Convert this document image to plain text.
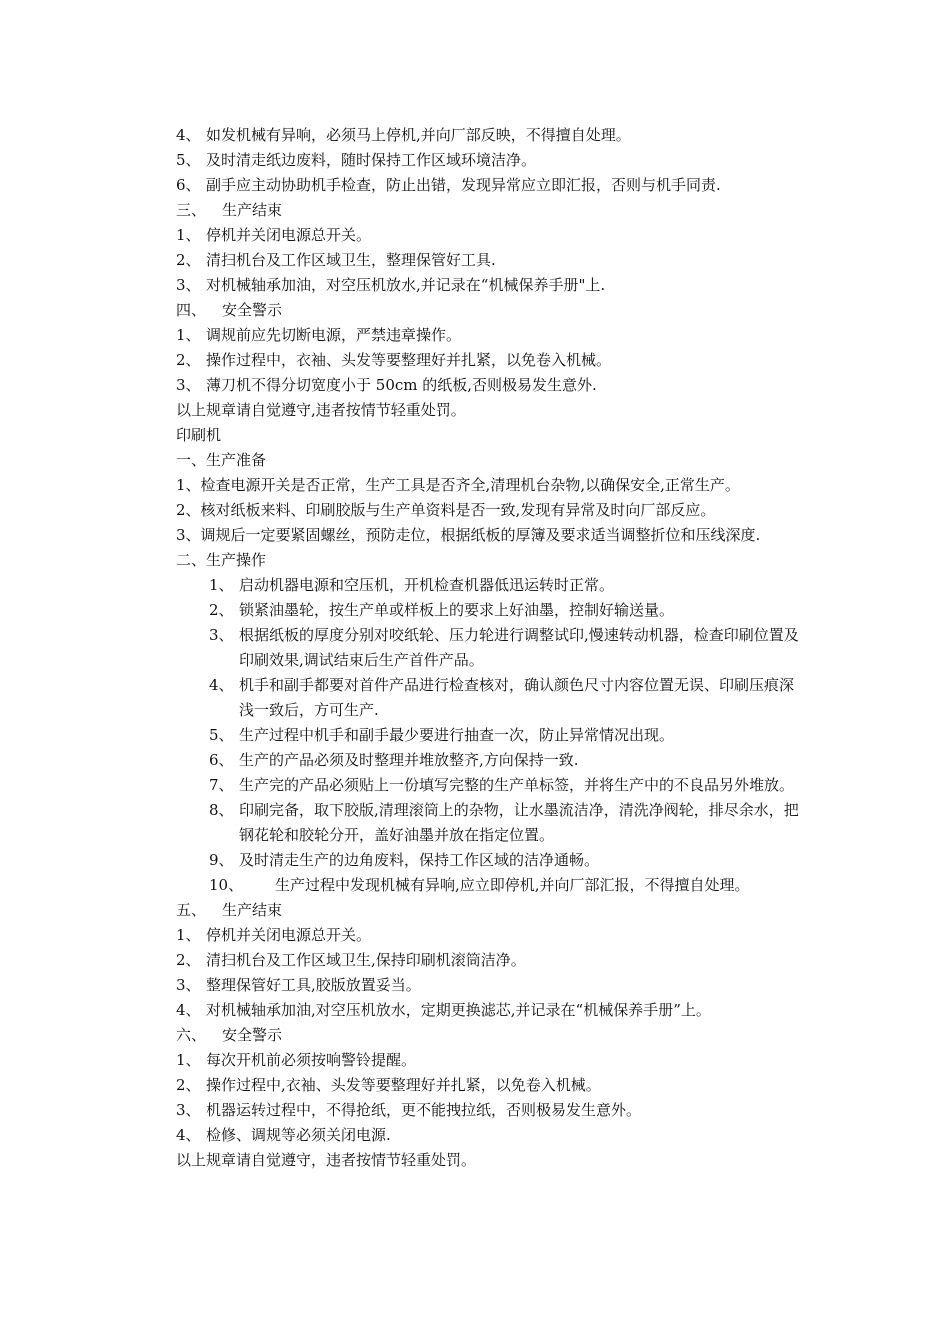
4、 如发机械有异响，必须马上停机,并向厂部反映，不得擅自处理。
5、 及时清走纸边废料，随时保持工作区域环境洁净。
6、 副手应主动协助机手检查，防止出错，发现异常应立即汇报，否则与机手同责.
三、 生产结束
1、 停机并关闭电源总开关。
2、 清扫机台及工作区域卫生，整理保管好工具.
3、 对机械轴承加油，对空压机放水,并记录在“机械保养手册"上.
四、 安全警示
1、 调规前应先切断电源，严禁违章操作。
2、 操作过程中，衣袖、头发等要整理好并扎紧，以免卷入机械。
3、 薄刀机不得分切宽度小于 50cm 的纸板,否则极易发生意外.
以上规章请自觉遵守,违者按情节轻重处罚。
印刷机
一、生产准备
1、检查电源开关是否正常，生产工具是否齐全,清理机台杂物,以确保安全,正常生产。
2、核对纸板来料、印刷胶版与生产单资料是否一致,发现有异常及时向厂部反应。
3、调规后一定要紧固螺丝，预防走位，根据纸板的厚簿及要求适当调整折位和压线深度.
二、生产操作
1、 启动机器电源和空压机，开机检查机器低迅运转时正常。
2、 锁紧油墨轮，按生产单或样板上的要求上好油墨，控制好输送量。
3、 根据纸板的厚度分别对咬纸轮、压力轮进行调整试印,慢速转动机器，检查印刷位置及印刷效果,调试结束后生产首件产品。
4、 机手和副手都要对首件产品进行检查核对，确认颜色尺寸内容位置无误、印刷压痕深浅一致后，方可生产.
5、 生产过程中机手和副手最少要进行抽查一次，防止异常情况出现。
6、 生产的产品必须及时整理并堆放整齐,方向保持一致.
7、 生产完的产品必须贴上一份填写完整的生产单标签，并将生产中的不良品另外堆放。
8、 印刷完备，取下胶版,清理滚筒上的杂物，让水墨流洁净，清洗净阀轮，排尽余水，把钢花轮和胶轮分开，盖好油墨并放在指定位置。
9、 及时清走生产的边角废料，保持工作区域的洁净通畅。
10、 生产过程中发现机械有异响,应立即停机,并向厂部汇报，不得擅自处理。
五、 生产结束
1、 停机并关闭电源总开关。
2、 清扫机台及工作区域卫生,保持印刷机滚筒洁净。
3、 整理保管好工具,胶版放置妥当。
4、 对机械轴承加油,对空压机放水，定期更换滤芯,并记录在“机械保养手册”上。
六、 安全警示
1、 每次开机前必须按响警铃提醒。
2、 操作过程中,衣袖、头发等要整理好并扎紧，以免卷入机械。
3、 机器运转过程中，不得抢纸，更不能拽拉纸，否则极易发生意外。
4、 检修、调规等必须关闭电源.
以上规章请自觉遵守，违者按情节轻重处罚。
